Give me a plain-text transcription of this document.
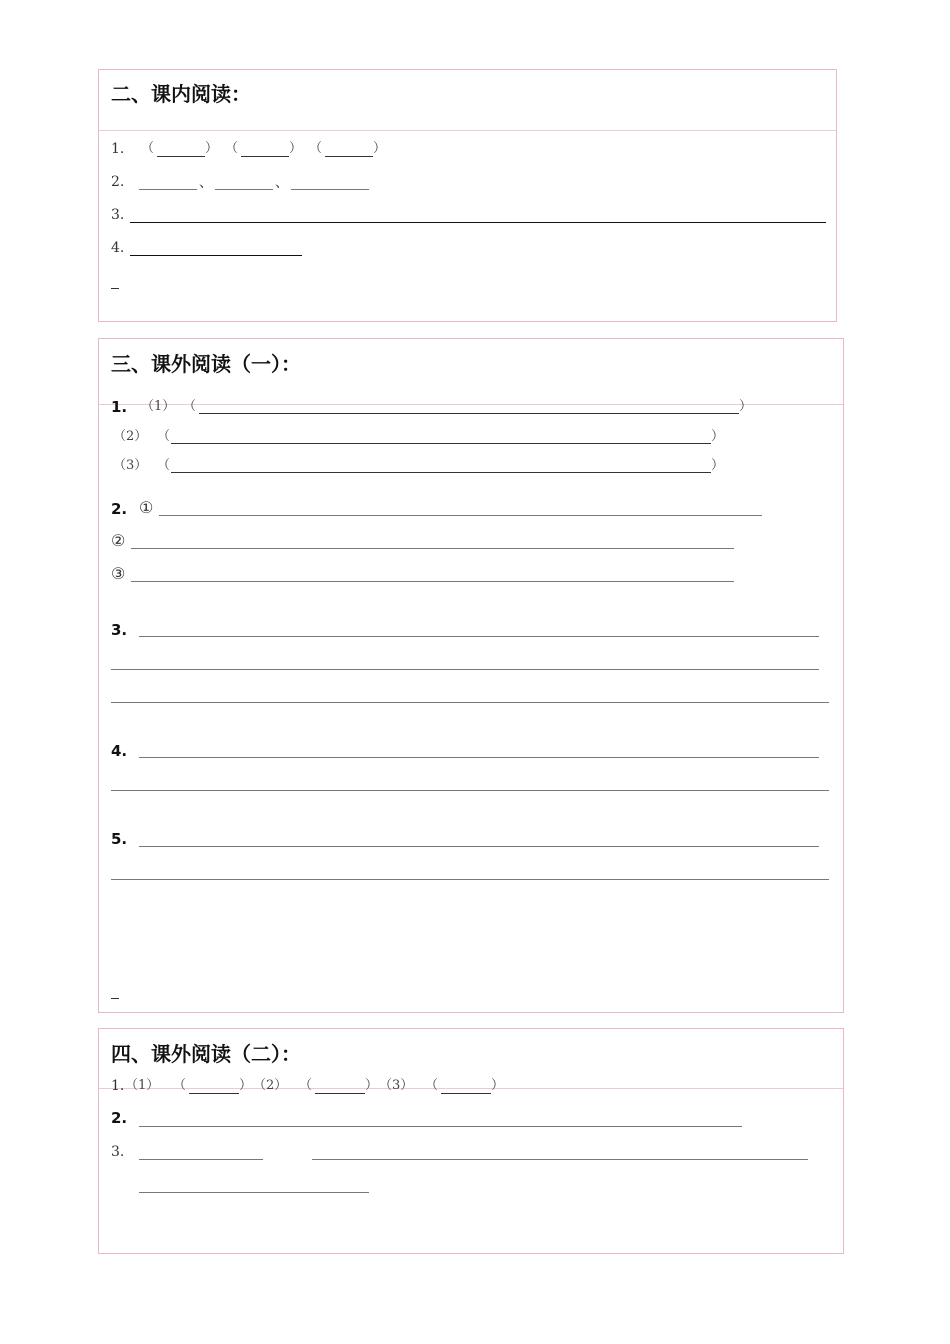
二、课内阅读：
1. （	） （	） （	）
2.	、	、
3.
4.
三、课外阅读（一）：
1. （1） （	）
（2） （	）
（3） （	）
2. ①
②
③
3.
4.
5.
四、课外阅读（二）：
1. （1） （	） （2） （	） （3） （	）
2.
3.
